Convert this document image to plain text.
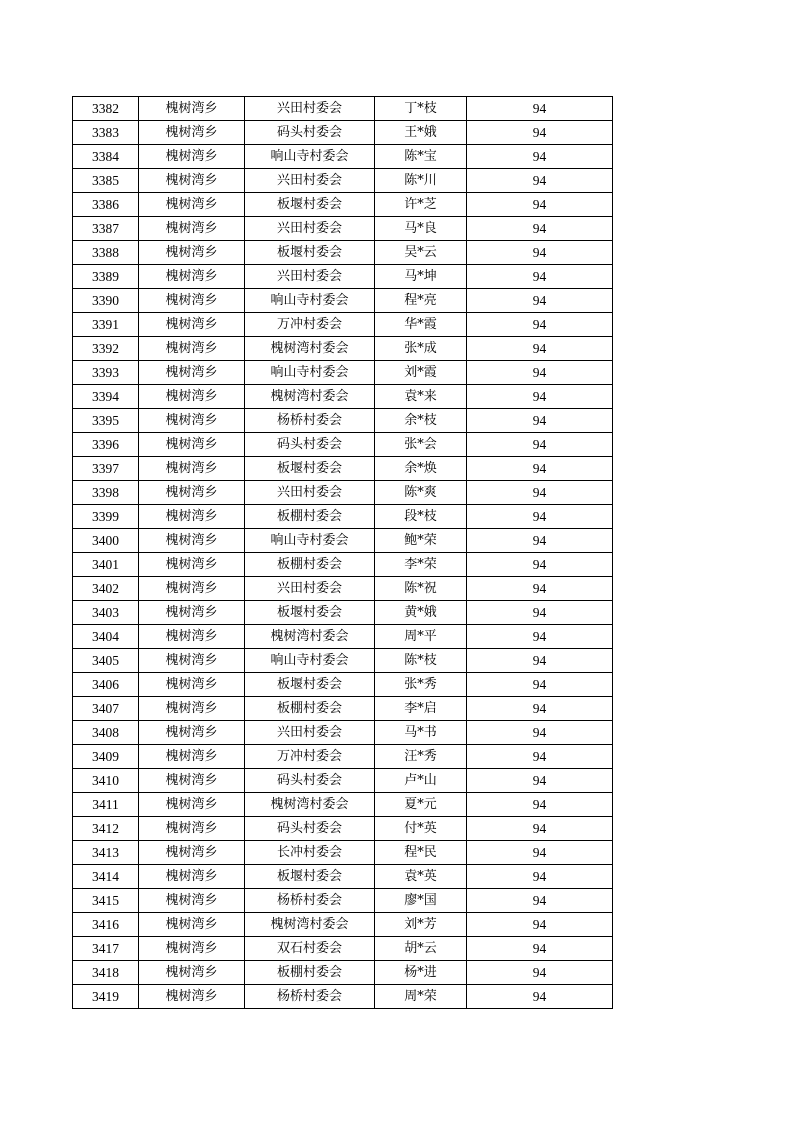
3382	槐树湾乡	兴田村委会	丁*枝	94
3383	槐树湾乡	码头村委会	王*娥	94
3384	槐树湾乡	响山寺村委会	陈*宝	94
3385	槐树湾乡	兴田村委会	陈*川	94
3386	槐树湾乡	板堰村委会	许*芝	94
3387	槐树湾乡	兴田村委会	马*良	94
3388	槐树湾乡	板堰村委会	吴*云	94
3389	槐树湾乡	兴田村委会	马*坤	94
3390	槐树湾乡	响山寺村委会	程*亮	94
3391	槐树湾乡	万冲村委会	华*霞	94
3392	槐树湾乡	槐树湾村委会	张*成	94
3393	槐树湾乡	响山寺村委会	刘*霞	94
3394	槐树湾乡	槐树湾村委会	袁*来	94
3395	槐树湾乡	杨桥村委会	余*枝	94
3396	槐树湾乡	码头村委会	张*会	94
3397	槐树湾乡	板堰村委会	余*焕	94
3398	槐树湾乡	兴田村委会	陈*爽	94
3399	槐树湾乡	板棚村委会	段*枝	94
3400	槐树湾乡	响山寺村委会	鲍*荣	94
3401	槐树湾乡	板棚村委会	李*荣	94
3402	槐树湾乡	兴田村委会	陈*祝	94
3403	槐树湾乡	板堰村委会	黄*娥	94
3404	槐树湾乡	槐树湾村委会	周*平	94
3405	槐树湾乡	响山寺村委会	陈*枝	94
3406	槐树湾乡	板堰村委会	张*秀	94
3407	槐树湾乡	板棚村委会	李*启	94
3408	槐树湾乡	兴田村委会	马*书	94
3409	槐树湾乡	万冲村委会	汪*秀	94
3410	槐树湾乡	码头村委会	卢*山	94
3411	槐树湾乡	槐树湾村委会	夏*元	94
3412	槐树湾乡	码头村委会	付*英	94
3413	槐树湾乡	长冲村委会	程*民	94
3414	槐树湾乡	板堰村委会	袁*英	94
3415	槐树湾乡	杨桥村委会	廖*国	94
3416	槐树湾乡	槐树湾村委会	刘*芳	94
3417	槐树湾乡	双石村委会	胡*云	94
3418	槐树湾乡	板棚村委会	杨*进	94
3419	槐树湾乡	杨桥村委会	周*荣	94
